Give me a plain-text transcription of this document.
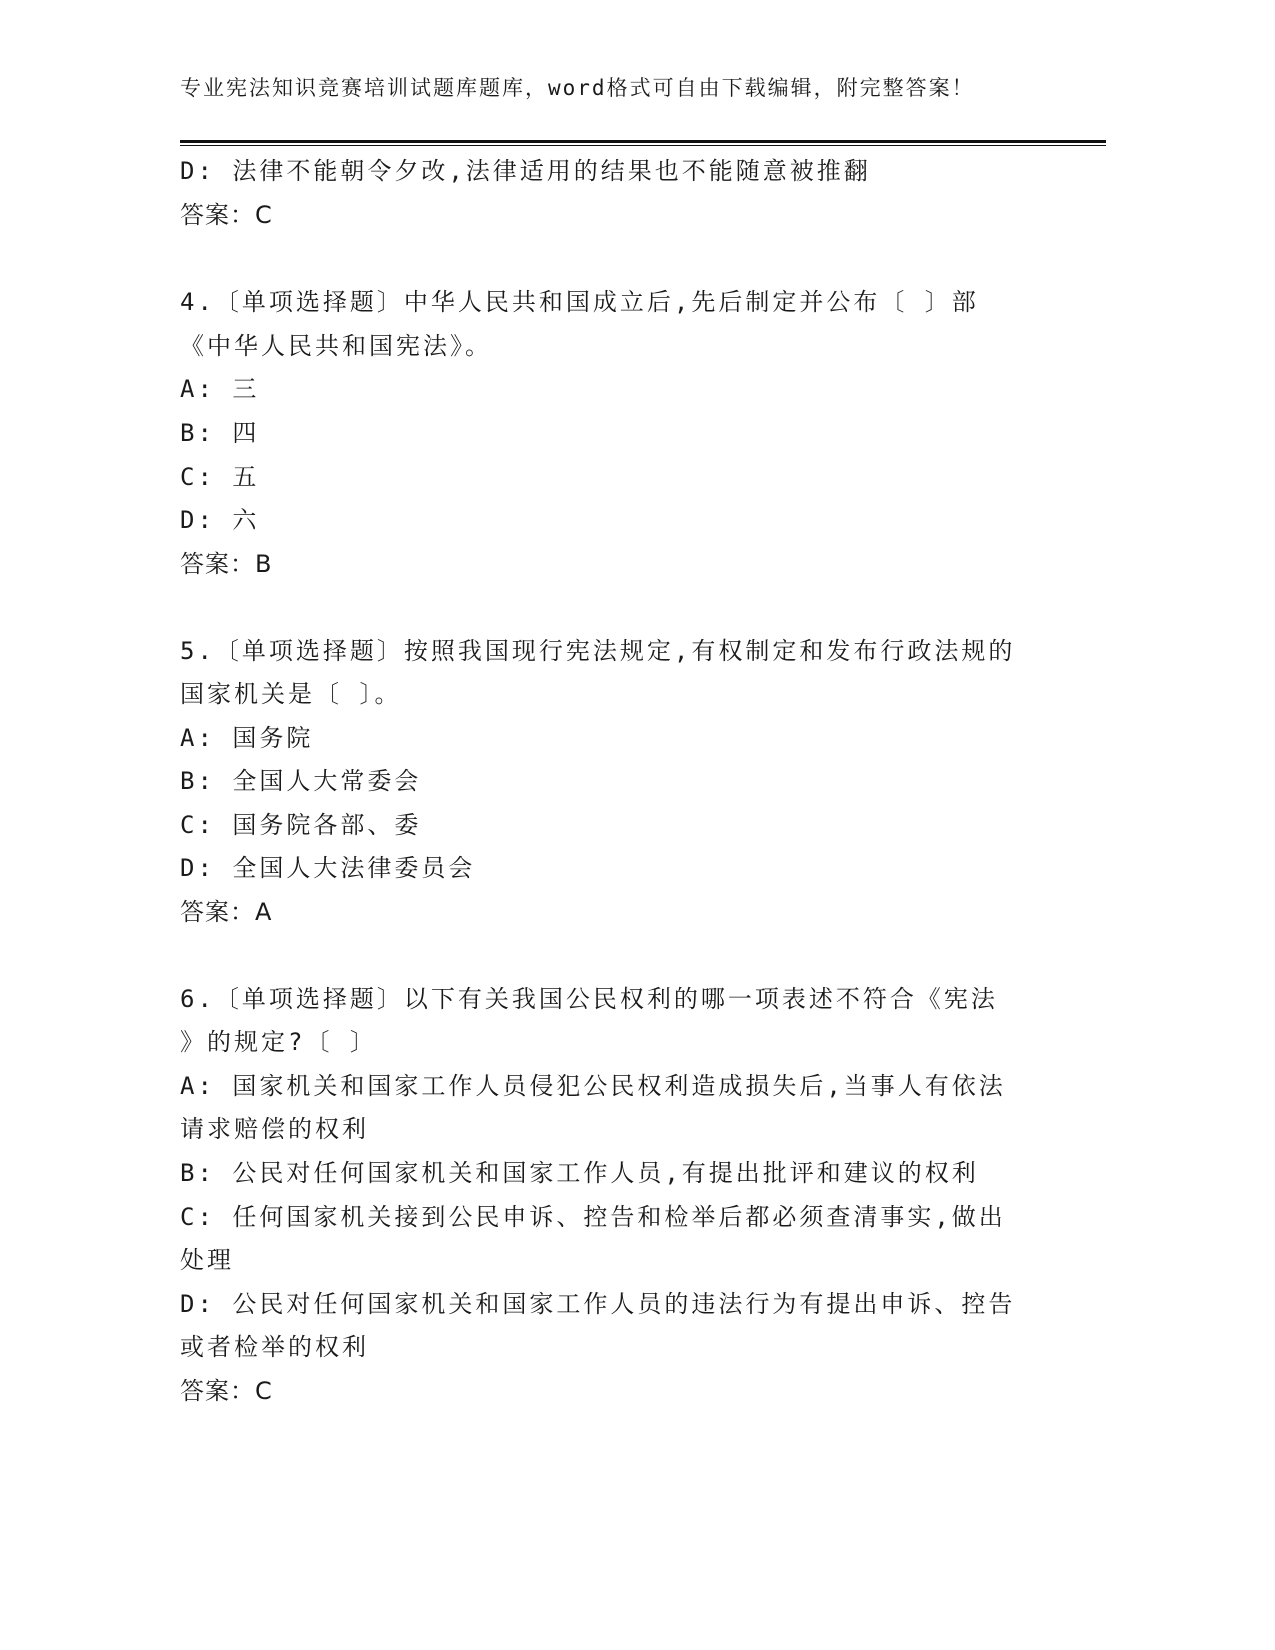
专业宪法知识竞赛培训试题库题库，word格式可自由下载编辑，附完整答案！
D: 法律不能朝令夕改,法律适用的结果也不能随意被推翻
答案：C
4.〔单项选择题〕中华人民共和国成立后,先后制定并公布〔 〕部
《中华人民共和国宪法》。
A: 三
B: 四
C: 五
D: 六
答案：B
5.〔单项选择题〕按照我国现行宪法规定,有权制定和发布行政法规的
国家机关是〔 〕。
A: 国务院
B: 全国人大常委会
C: 国务院各部、委
D: 全国人大法律委员会
答案：A
6.〔单项选择题〕以下有关我国公民权利的哪一项表述不符合《宪法
》的规定?〔 〕
A: 国家机关和国家工作人员侵犯公民权利造成损失后,当事人有依法
请求赔偿的权利
B: 公民对任何国家机关和国家工作人员,有提出批评和建议的权利
C: 任何国家机关接到公民申诉、控告和检举后都必须查清事实,做出
处理
D: 公民对任何国家机关和国家工作人员的违法行为有提出申诉、控告
或者检举的权利
答案：C
